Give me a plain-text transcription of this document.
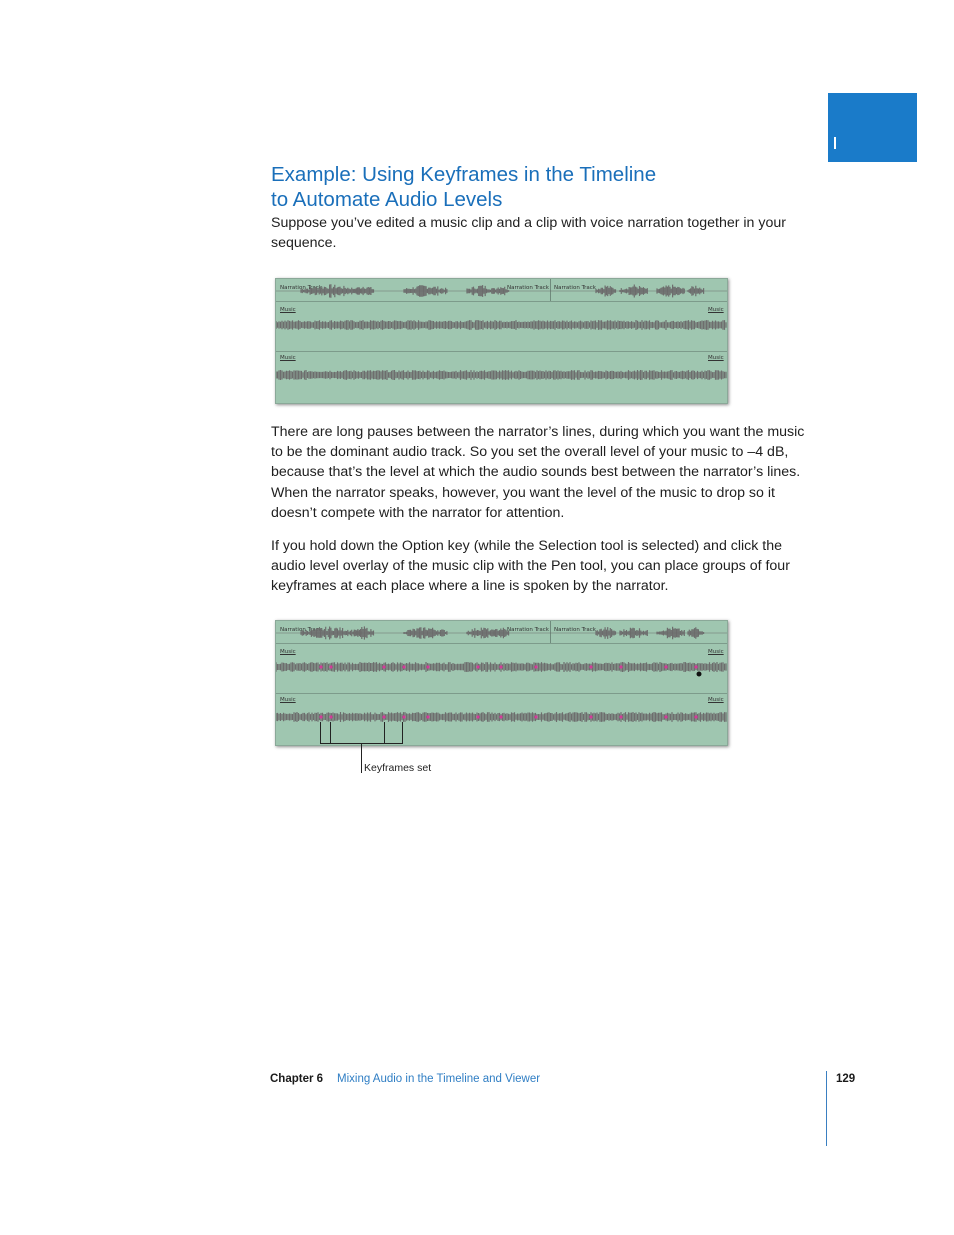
Example: Using Keyframes in the Timeline
to Automate Audio Levels

Suppose you’ve edited a music clip and a clip with voice narration together in your sequence.

Narration Track	Narration Track Narration Track
Music	Music
Music	Music

There are long pauses between the narrator’s lines, during which you want the music to be the dominant audio track. So you set the overall level of your music to –4 dB, because that’s the level at which the audio sounds best between the narrator’s lines. When the narrator speaks, however, you want the level of the music to drop so it doesn’t compete with the narrator for attention.

If you hold down the Option key (while the Selection tool is selected) and click the audio level overlay of the music clip with the Pen tool, you can place groups of four keyframes at each place where a line is spoken by the narrator.

Narration Track	Narration Track Narration Track
Music	Music
Music	Music
Keyframes set
Chapter 6 Mixing Audio in the Timeline and Viewer	129
